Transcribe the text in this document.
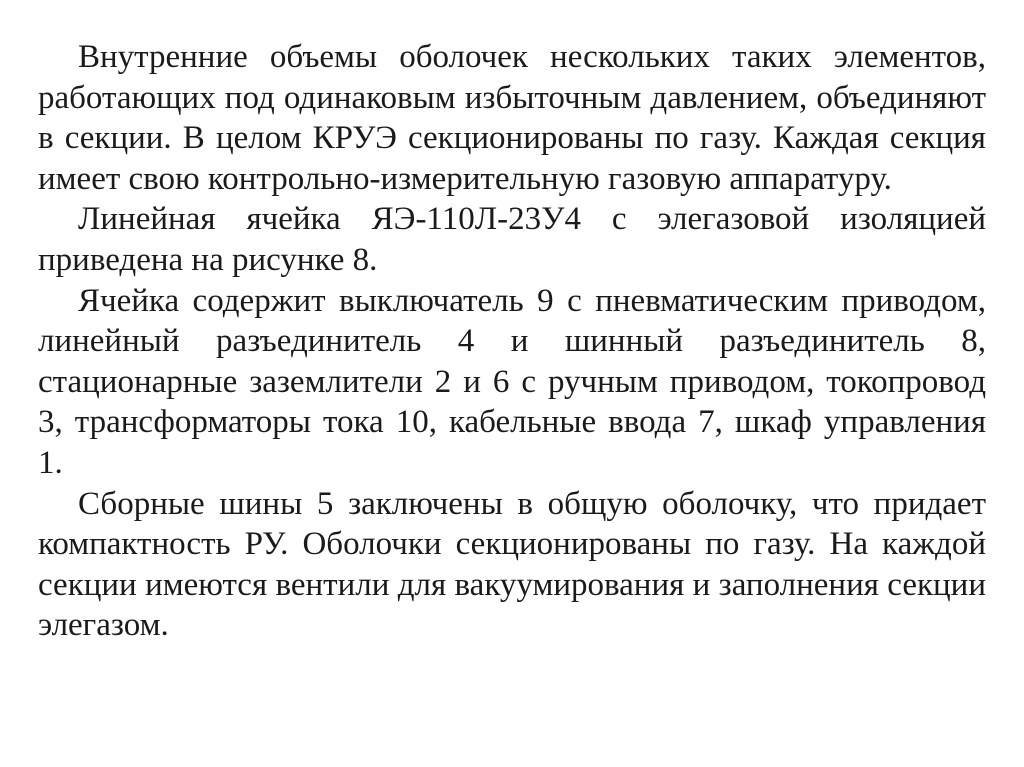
Внутренние объемы оболочек нескольких таких элементов, работающих под одинаковым избыточным давлением, объединяют в секции. В целом КРУЭ секционированы по газу. Каждая секция имеет свою контрольно-измерительную газовую аппаратуру.

Линейная ячейка ЯЭ-110Л-23У4 с элегазовой изоляцией приведена на рисунке 8.

Ячейка содержит выключатель 9 с пневматическим приводом, линейный разъединитель 4 и шинный разъединитель 8, стационарные заземлители 2 и 6 с ручным приводом, токопровод 3, трансформаторы тока 10, кабельные ввода 7, шкаф управления 1.

Сборные шины 5 заключены в общую оболочку, что придает компактность РУ. Оболочки секционированы по газу. На каждой секции имеются вентили для вакуумирования и заполнения секции элегазом.
